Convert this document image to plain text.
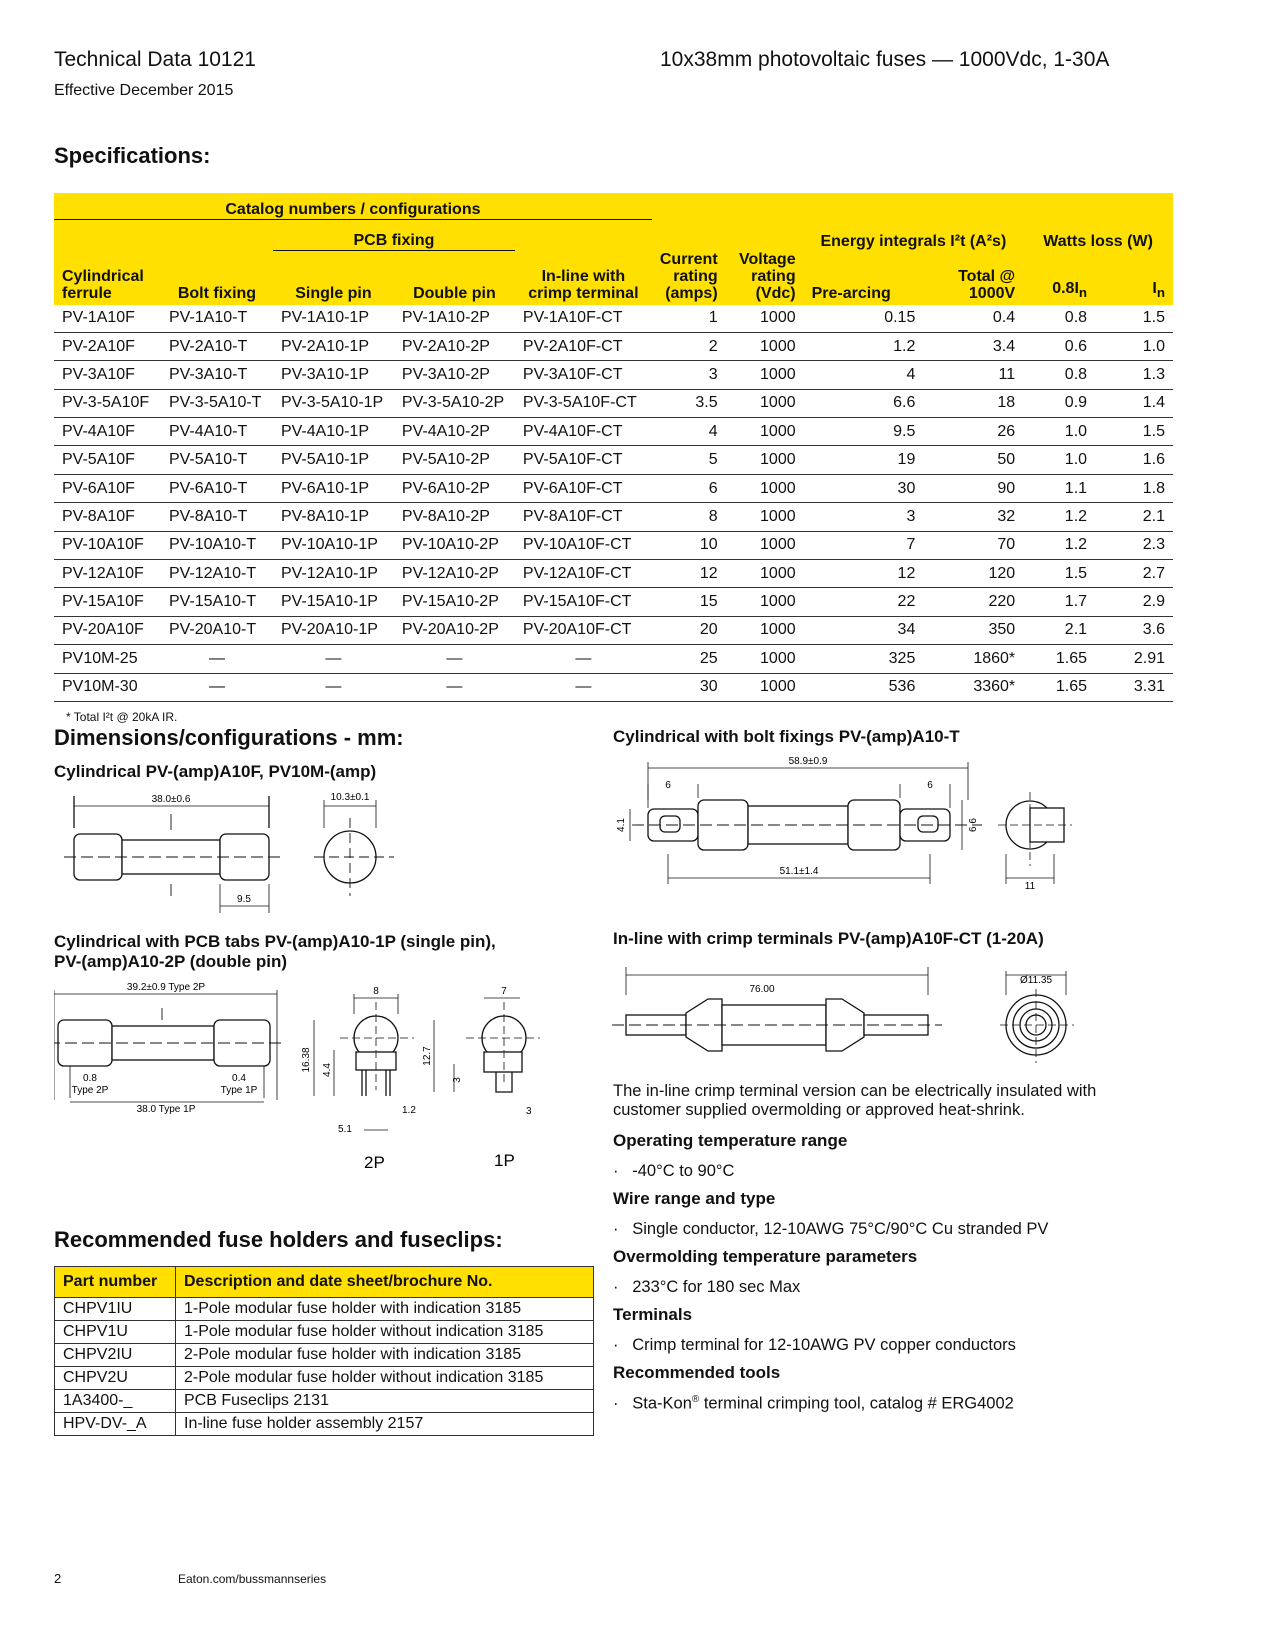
Technical Data 10121
Effective December 2015
10x38mm photovoltaic fuses — 1000Vdc, 1-30A
Specifications:
Catalog numbers / configurations										
		PCB fixing					Energy integrals I²t (A²s)		Watts loss (W)	
Cylindrical ferrule	Bolt fixing	Single pin	Double pin	In-line with crimp terminal	Current rating (amps)	Voltage rating (Vdc)	Pre-arcing	Total @ 1000V	$0.8I_n$	$I_n$
PV-1A10F	PV-1A10-T	PV-1A10-1P	PV-1A10-2P	PV-1A10F-CT	1	1000	0.15	0.4	0.8	1.5
PV-2A10F	PV-2A10-T	PV-2A10-1P	PV-2A10-2P	PV-2A10F-CT	2	1000	1.2	3.4	0.6	1.0
PV-3A10F	PV-3A10-T	PV-3A10-1P	PV-3A10-2P	PV-3A10F-CT	3	1000	4	11	0.8	1.3
PV-3-5A10F	PV-3-5A10-T	PV-3-5A10-1P	PV-3-5A10-2P	PV-3-5A10F-CT	3.5	1000	6.6	18	0.9	1.4
PV-4A10F	PV-4A10-T	PV-4A10-1P	PV-4A10-2P	PV-4A10F-CT	4	1000	9.5	26	1.0	1.5
PV-5A10F	PV-5A10-T	PV-5A10-1P	PV-5A10-2P	PV-5A10F-CT	5	1000	19	50	1.0	1.6
PV-6A10F	PV-6A10-T	PV-6A10-1P	PV-6A10-2P	PV-6A10F-CT	6	1000	30	90	1.1	1.8
PV-8A10F	PV-8A10-T	PV-8A10-1P	PV-8A10-2P	PV-8A10F-CT	8	1000	3	32	1.2	2.1
PV-10A10F	PV-10A10-T	PV-10A10-1P	PV-10A10-2P	PV-10A10F-CT	10	1000	7	70	1.2	2.3
PV-12A10F	PV-12A10-T	PV-12A10-1P	PV-12A10-2P	PV-12A10F-CT	12	1000	12	120	1.5	2.7
PV-15A10F	PV-15A10-T	PV-15A10-1P	PV-15A10-2P	PV-15A10F-CT	15	1000	22	220	1.7	2.9
PV-20A10F	PV-20A10-T	PV-20A10-1P	PV-20A10-2P	PV-20A10F-CT	20	1000	34	350	2.1	3.6
PV10M-25	—	—	—	—	25	1000	325	1860*	1.65	2.91
PV10M-30	—	—	—	—	30	1000	536	3360*	1.65	3.31
* Total I²t @ 20kA IR.
Dimensions/configurations - mm:
Cylindrical PV-(amp)A10F, PV10M-(amp)
38.0±0.6	10.3±0.1
9.5
Cylindrical with PCB tabs PV-(amp)A10-1P (single pin),
PV-(amp)A10-2P (double pin)
39.2±0.9 Type 2P
0.8
Type 2P
0.4
Type 1P
38.0 Type 1P
8
16.38 4.4
1.2
5.1
7
12.7
3
3
2P	1P
Cylindrical with bolt fixings PV-(amp)A10-T
58.9±0.9
6	6
4.1	6.6
51.1±1.4
11
In-line with crimp terminals PV-(amp)A10F-CT (1-20A)
76.00
Ø11.35
The in-line crimp terminal version can be electrically insulated with customer supplied overmolding or approved heat-shrink.
Operating temperature range
·   -40°C to 90°C
Wire range and type
·   Single conductor, 12-10AWG 75°C/90°C Cu stranded PV
Overmolding temperature parameters
·   233°C for 180 sec Max
Terminals
·   Crimp terminal for 12-10AWG PV copper conductors
Recommended tools
·   Sta-Kon® terminal crimping tool, catalog # ERG4002
Recommended fuse holders and fuseclips:
Part number	Description and date sheet/brochure No.
CHPV1IU	1-Pole modular fuse holder with indication 3185
CHPV1U	1-Pole modular fuse holder without indication 3185
CHPV2IU	2-Pole modular fuse holder with indication 3185
CHPV2U	2-Pole modular fuse holder without indication 3185
1A3400-_	PCB Fuseclips 2131
HPV-DV-_A	In-line fuse holder assembly 2157
2	Eaton.com/bussmannseries
